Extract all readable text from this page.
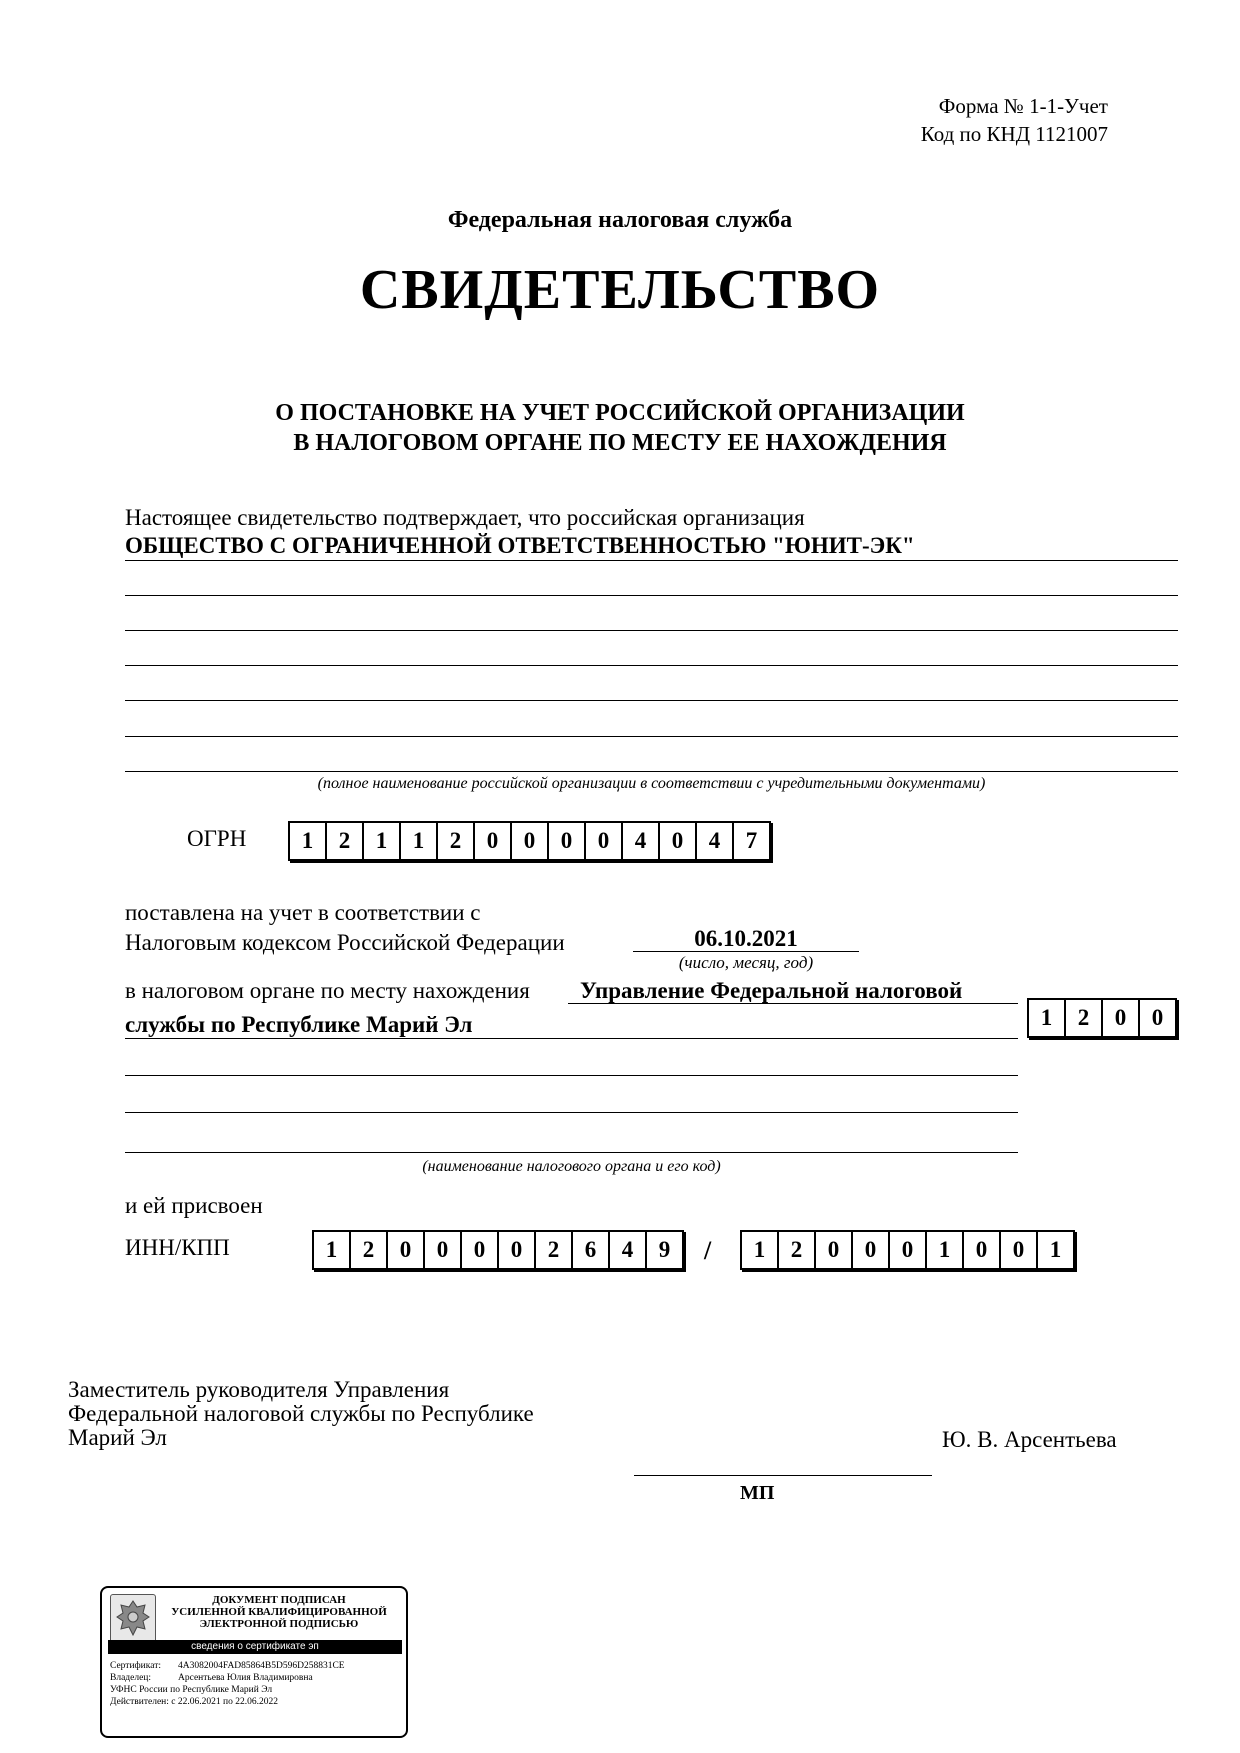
Форма № 1-1-Учет
Код по КНД 1121007
Федеральная налоговая служба
СВИДЕТЕЛЬСТВО
О ПОСТАНОВКЕ НА УЧЕТ РОССИЙСКОЙ ОРГАНИЗАЦИИ
В НАЛОГОВОМ ОРГАНЕ ПО МЕСТУ ЕЕ НАХОЖДЕНИЯ
Настоящее свидетельство подтверждает, что российская организация
ОБЩЕСТВО С ОГРАНИЧЕННОЙ ОТВЕТСТВЕННОСТЬЮ "ЮНИТ-ЭК"
(полное наименование российской организации в соответствии с учредительными документами)
ОГРН	1	2	1	1	2	0	0	0	0	4	0	4	7
поставлена на учет в соответствии с
Налоговым кодексом Российской Федерации	06.10.2021
(число, месяц, год)
в налоговом органе по месту нахождения Управление Федеральной налоговой
службы по Республике Марий Эл	1	2	0	0
(наименование налогового органа и его код)
и ей присвоен
ИНН/КПП	1	2	0	0	0	0	2	6	4	9	/	1	2	0	0	0	1	0	0	1
Заместитель руководителя Управления
Федеральной налоговой службы по Республике
Марий Эл	Ю. В. Арсентьева
МП
ДОКУМЕНТ ПОДПИСАН
УСИЛЕННОЙ КВАЛИФИЦИРОВАННОЙ
ЭЛЕКТРОННОЙ ПОДПИСЬЮ
сведения о сертификате эп
Сертификат:	4A3082004FAD85864B5D596D258831CE
Владелец:	Арсентьева Юлия Владимировна
УФНС России по Республике Марий Эл
Действителен:
с 22.06.2021 по 22.06.2022
